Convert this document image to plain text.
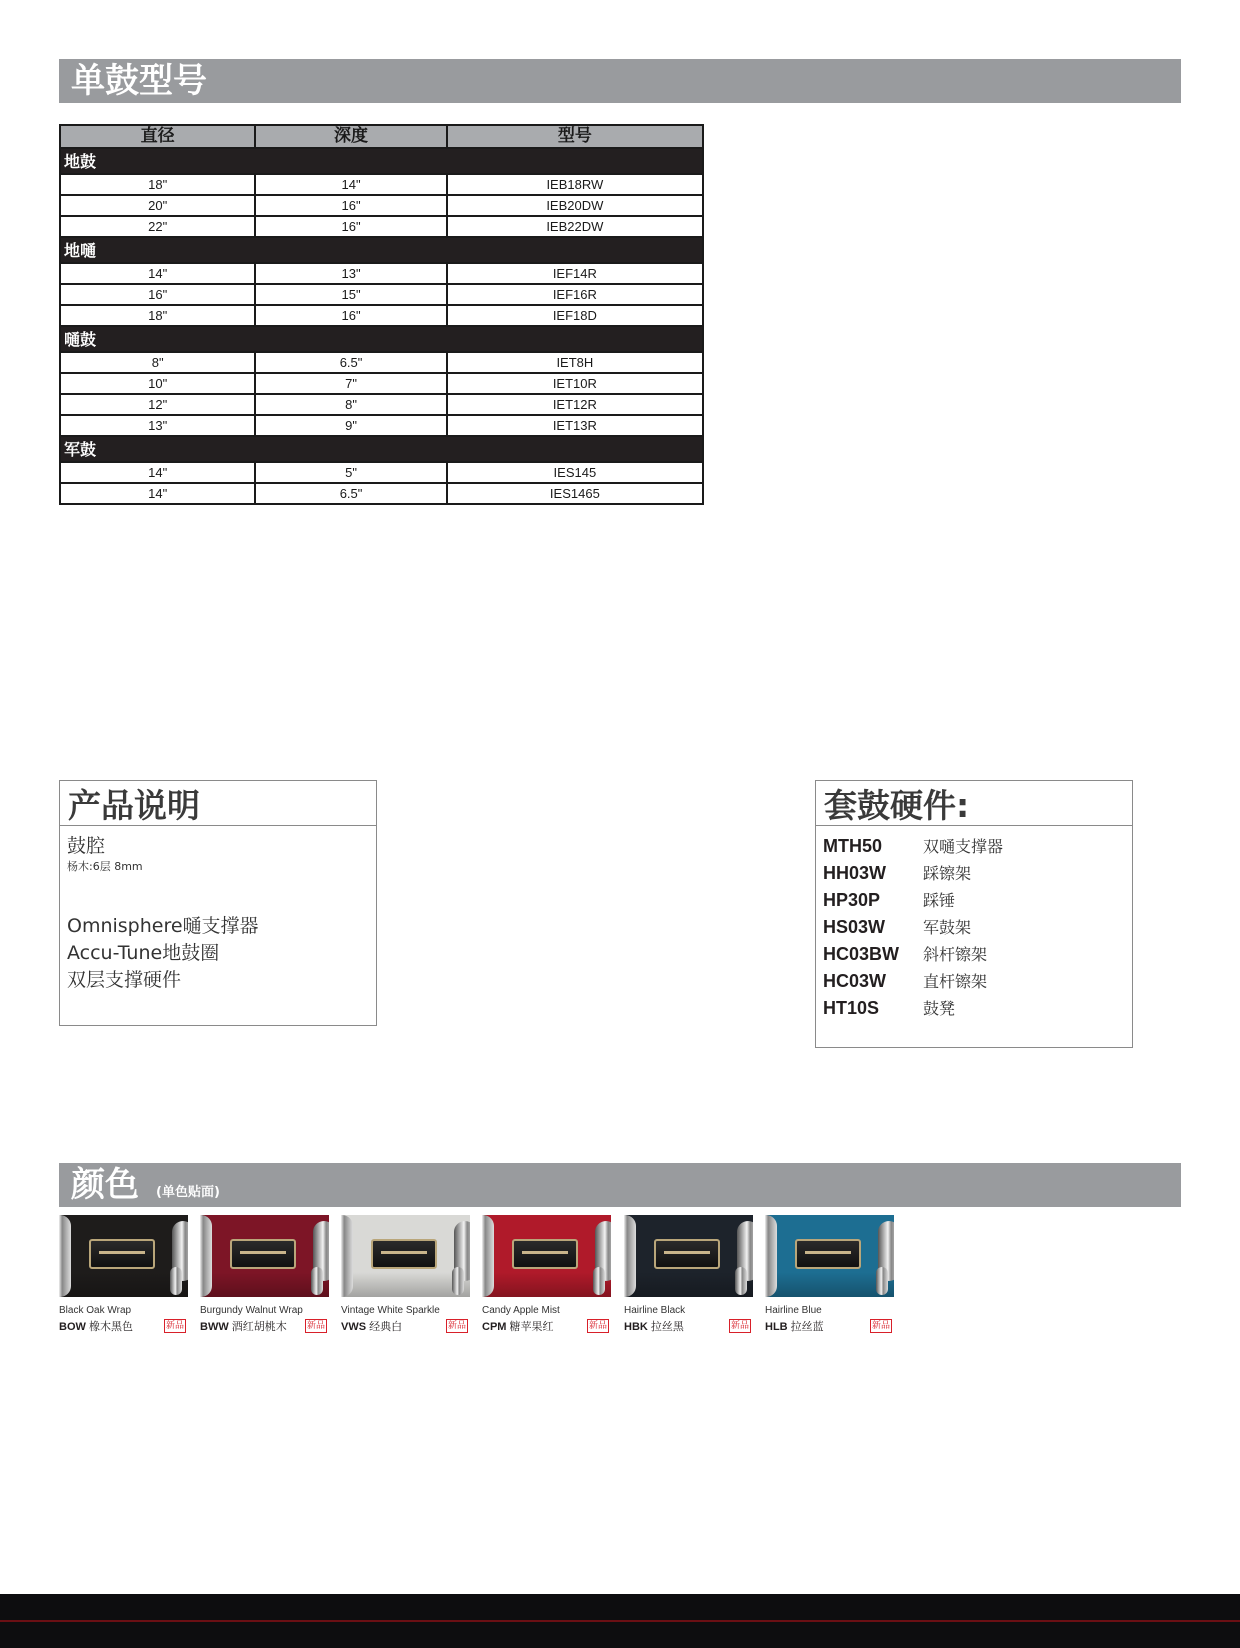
单鼓型号
直径	深度	型号
地鼓		
18"	14"	IEB18RW
20"	16"	IEB20DW
22"	16"	IEB22DW
地嗵		
14"	13"	IEF14R
16"	15"	IEF16R
18"	16"	IEF18D
嗵鼓		
8"	6.5"	IET8H
10"	7"	IET10R
12"	8"	IET12R
13"	9"	IET13R
军鼓		
14"	5"	IES145
14"	6.5"	IES1465
产品说明
鼓腔
杨木:6层 8mm
Omnisphere嗵支撑器
Accu-Tune地鼓圈
双层支撑硬件
套鼓硬件:
MTH50	双嗵支撑器
HH03W	踩镲架
HP30P	踩锤
HS03W	军鼓架
HC03BW	斜杆镲架
HC03W	直杆镲架
HT10S	鼓凳
颜色 (单色贴面)
Black Oak Wrap	Burgundy Walnut Wrap	Vintage White Sparkle	Candy Apple Mist	Hairline Black	Hairline Blue
BOW 橡木黑色	BWW 酒红胡桃木	VWS 经典白	CPM 糖苹果红	HBK 拉丝黑	HLB 拉丝蓝
新品	新品	新品	新品	新品	新品
